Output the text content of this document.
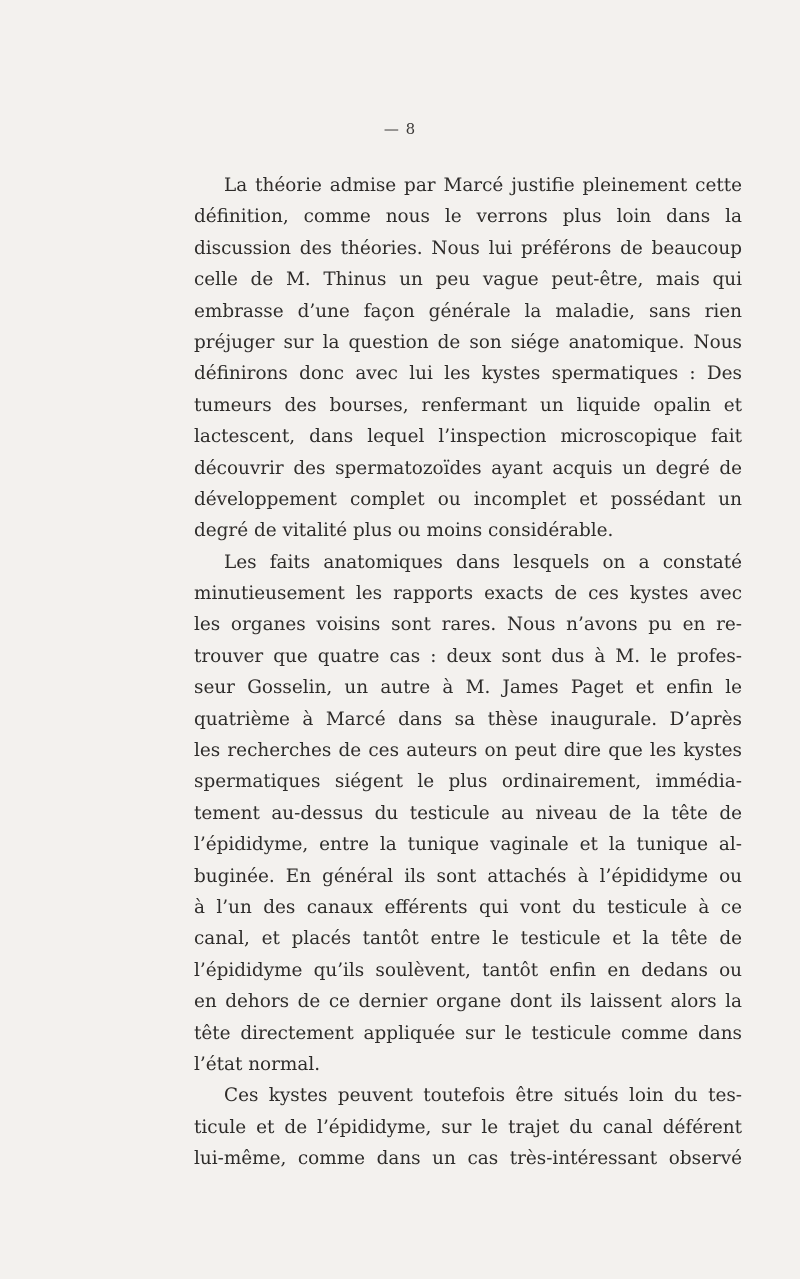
— 8
La théorie admise par Marcé justifie pleinement cette
définition, comme nous le verrons plus loin dans la
discussion des théories. Nous lui préférons de beaucoup
celle de M. Thinus un peu vague peut-être, mais qui
embrasse d’une façon générale la maladie, sans rien
préjuger sur la question de son siége anatomique. Nous
définirons donc avec lui les kystes spermatiques : Des
tumeurs des bourses, renfermant un liquide opalin et
lactescent, dans lequel l’inspection microscopique fait
découvrir des spermatozoïdes ayant acquis un degré de
développement complet ou incomplet et possédant un
degré de vitalité plus ou moins considérable.
Les faits anatomiques dans lesquels on a constaté
minutieusement les rapports exacts de ces kystes avec
les organes voisins sont rares. Nous n’avons pu en re-
trouver que quatre cas : deux sont dus à M. le profes-
seur Gosselin, un autre à M. James Paget et enfin le
quatrième à Marcé dans sa thèse inaugurale. D’après
les recherches de ces auteurs on peut dire que les kystes
spermatiques siégent le plus ordinairement, immédia-
tement au-dessus du testicule au niveau de la tête de
l’épididyme, entre la tunique vaginale et la tunique al-
buginée. En général ils sont attachés à l’épididyme ou
à l’un des canaux efférents qui vont du testicule à ce
canal, et placés tantôt entre le testicule et la tête de
l’épididyme qu’ils soulèvent, tantôt enfin en dedans ou
en dehors de ce dernier organe dont ils laissent alors la
tête directement appliquée sur le testicule comme dans
l’état normal.
Ces kystes peuvent toutefois être situés loin du tes-
ticule et de l’épididyme, sur le trajet du canal déférent
lui-même, comme dans un cas très-intéressant observé
